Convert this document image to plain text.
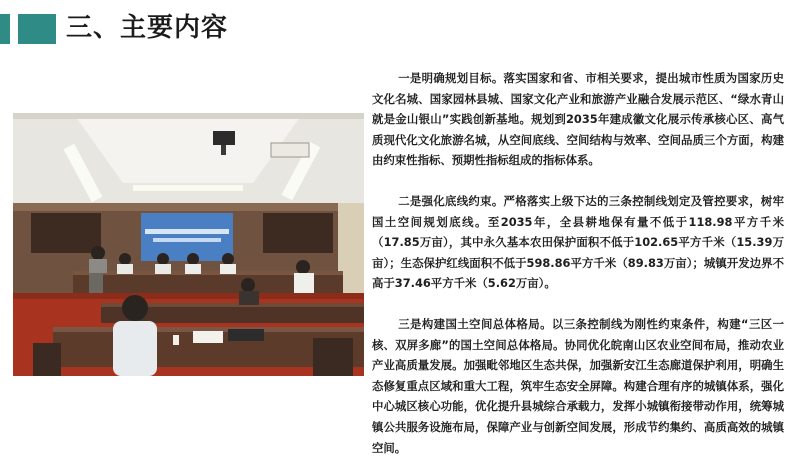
三、主要内容

一是明确规划目标。落实国家和省、市相关要求，提出城市性质为国家历史文化名城、国家园林县城、国家文化产业和旅游产业融合发展示范区、“绿水青山就是金山银山”实践创新基地。规划到2035年建成徽文化展示传承核心区、高气质现代化文化旅游名城，从空间底线、空间结构与效率、空间品质三个方面，构建由约束性指标、预期性指标组成的指标体系。

二是强化底线约束。严格落实上级下达的三条控制线划定及管控要求，树牢国土空间规划底线。至2035年，全县耕地保有量不低于118.98平方千米（17.85万亩），其中永久基本农田保护面积不低于102.65平方千米（15.39万亩）；生态保护红线面积不低于598.86平方千米（89.83万亩）；城镇开发边界不高于37.46平方千米（5.62万亩）。

三是构建国土空间总体格局。以三条控制线为刚性约束条件，构建“三区一核、双屏多廊”的国土空间总体格局。协同优化皖南山区农业空间布局，推动农业产业高质量发展。加强毗邻地区生态共保，加强新安江生态廊道保护利用，明确生态修复重点区域和重大工程，筑牢生态安全屏障。构建合理有序的城镇体系，强化中心城区核心功能，优化提升县城综合承载力，发挥小城镇衔接带动作用，统筹城镇公共服务设施布局，保障产业与创新空间发展，形成节约集约、高质高效的城镇空间。
